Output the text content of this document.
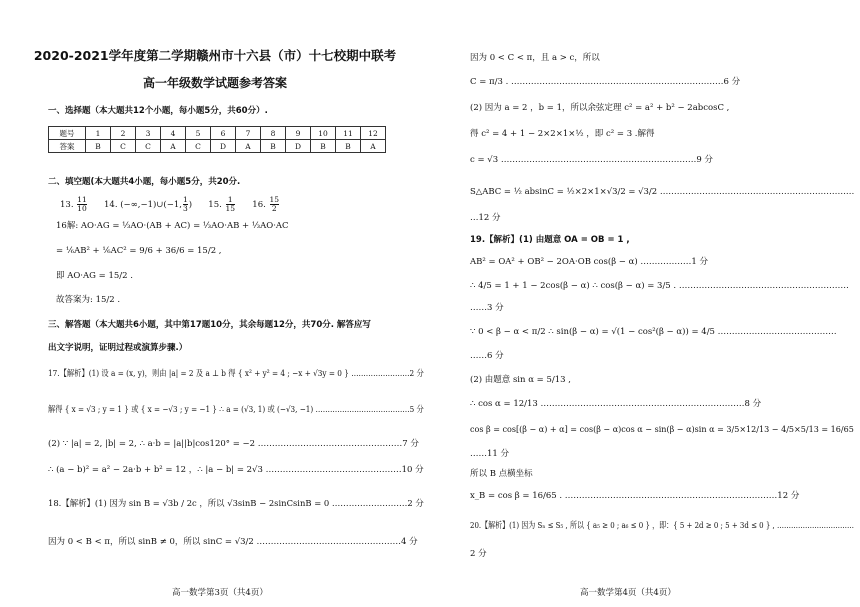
2020-2021学年度第二学期赣州市十六县（市）十七校期中联考
高一年级数学试题参考答案
一、选择题（本大题共12个小题，每小题5分，共60分）.
题号	1	2	3	4	5	6	7	8	9	10	11	12
答案	B	C	C	A	C	D	A	B	D	B	B	A
二、填空题(本大题共4小题，每小题5分，共20分.
13. $\frac{11}{10} 14$. (−∞,−1)∪(−1, $\frac{1}{3}$ ) 15. $\frac{1}{15} 16$. $\frac{15}{2}$
16解: AO·AG = ⅓AO·(AB + AC) = ⅓AO·AB + ⅓AO·AC
= ⅙AB² + ⅙AC² = 9/6 + 36/6 = 15/2 ,
即 AO·AG = 15/2 .
故答案为: 15/2 .
三、解答题（本大题共6小题，其中第17题10分，其余每题12分，共70分. 解答应写
出文字说明，证明过程或演算步骤.）
17.【解析】(1) 设 a = (x, y)，则由 |a| = 2 及 a ⊥ b 得 { x² + y² = 4 ; −x + √3y = 0 } ……………………2 分
解得 { x = √3 ; y = 1 } 或 { x = −√3 ; y = −1 } ∴ a = (√3, 1) 或 (−√3, −1) …………………………………5 分
(2) ∵ |a| = 2, |b| = 2, ∴ a·b = |a||b|cos120° = −2 ……………………………………………7 分
∴ (a − b)² = a² − 2a·b + b² = 12 ，∴ |a − b| = 2√3 …………………………………………10 分
18.【解析】(1) 因为 sin B = √3b / 2c ，所以 √3sinB − 2sinCsinB = 0 ………………………2 分
因为 0 < B < π，所以 sinB ≠ 0，所以 sinC = √3/2 ……………………………………………4 分
高一数学第3页（共4页）
因为 0 < C < π，且 a > c，所以
C = π/3 . …………………………………………………………………6 分
(2) 因为 a = 2 ，b = 1，所以余弦定理 c² = a² + b² − 2abcosC ,
得 c² = 4 + 1 − 2×2×1×½ ，即 c² = 3 .解得
c = √3 ……………………………………………………………9 分
S△ABC = ½ absinC = ½×2×1×√3/2 = √3/2 ……………………………………………………………
…12 分
19.【解析】(1) 由题意 OA = OB = 1 ,
AB² = OA² + OB² − 2OA·OB cos(β − α) ………………1 分
∴ 4/5 = 1 + 1 − 2cos(β − α) ∴ cos(β − α) = 3/5 . ……………………………………………………
……3 分
∵ 0 < β − α < π/2 ∴ sin(β − α) = √(1 − cos²(β − α)) = 4/5 ……………………………………
……6 分
(2) 由题意 sin α = 5/13 ,
∴ cos α = 12/13 ………………………………………………………………8 分
cos β = cos[(β − α) + α] = cos(β − α)cos α − sin(β − α)sin α = 3/5×12/13 − 4/5×5/13 = 16/65
……11 分
所以 B 点横坐标
x_B = cos β = 16/65 . …………………………………………………………………12 分
20.【解析】(1) 因为 Sₙ ≤ S₅ , 所以 { a₅ ≥ 0 ; a₆ ≤ 0 } ，即：{ 5 + 2d ≥ 0 ; 5 + 3d ≤ 0 } , ……………………………
2 分
高一数学第4页（共4页）
